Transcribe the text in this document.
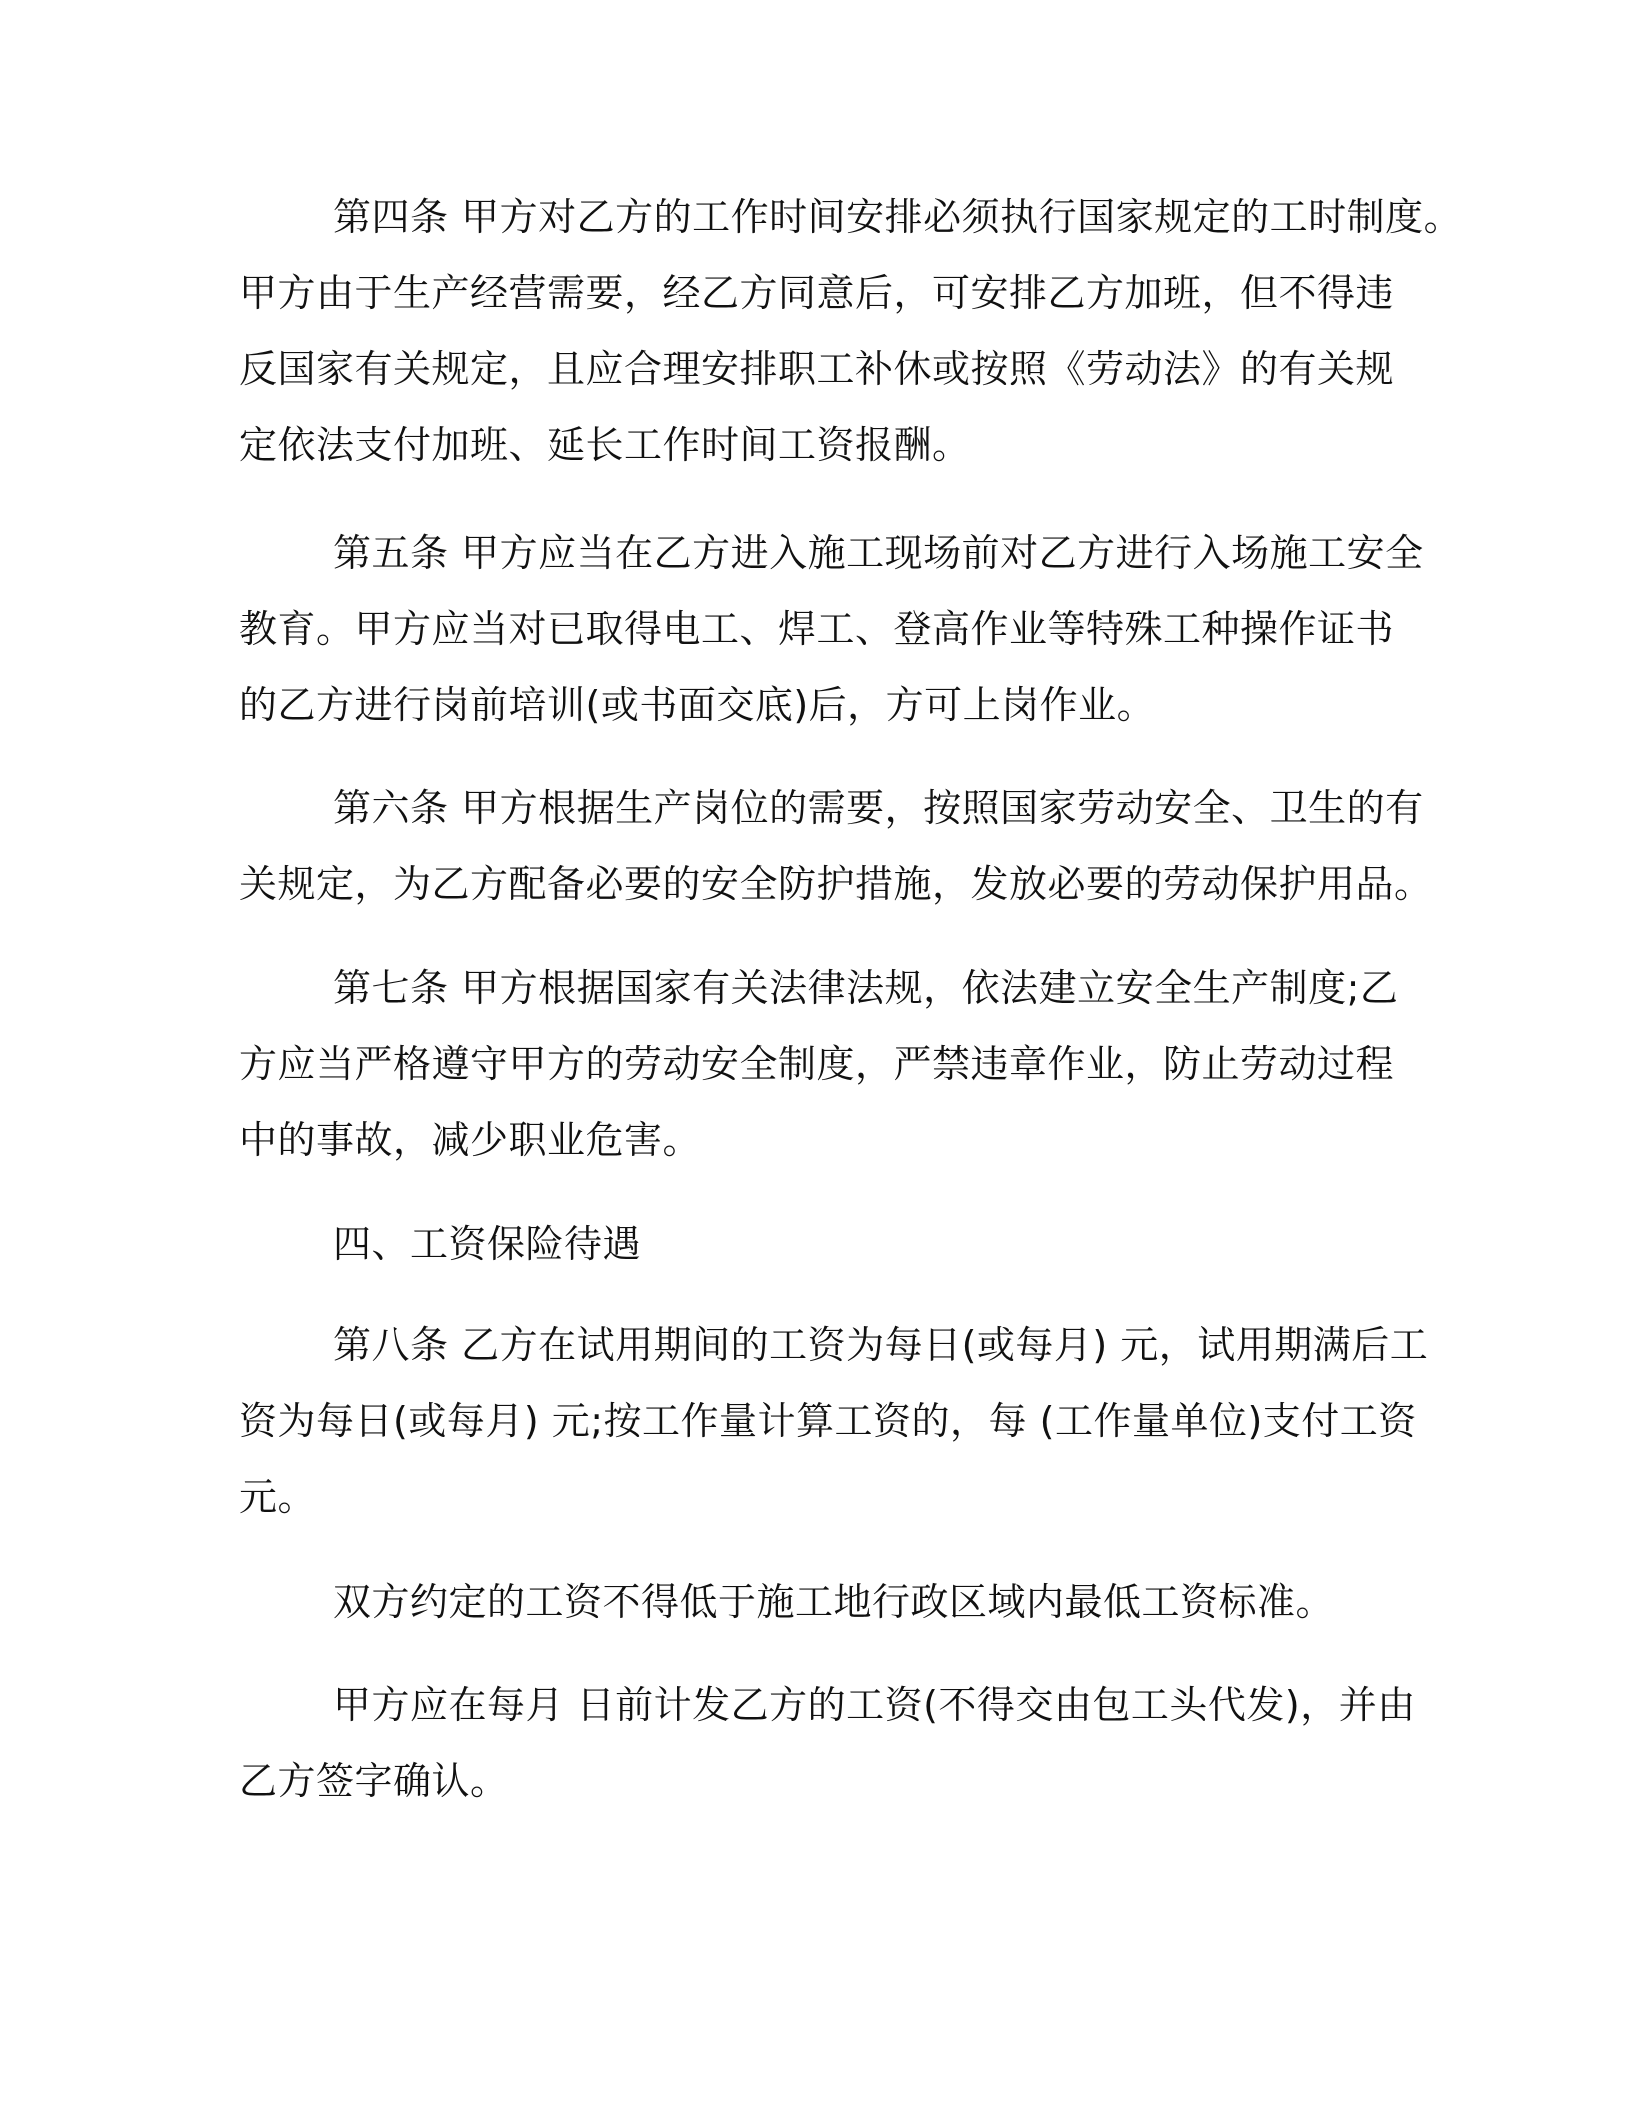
第四条 甲方对乙方的工作时间安排必须执行国家规定的工时制度。
甲方由于生产经营需要，经乙方同意后，可安排乙方加班，但不得违
反国家有关规定，且应合理安排职工补休或按照《劳动法》的有关规
定依法支付加班、延长工作时间工资报酬。
第五条 甲方应当在乙方进入施工现场前对乙方进行入场施工安全
教育。甲方应当对已取得电工、焊工、登高作业等特殊工种操作证书
的乙方进行岗前培训(或书面交底)后，方可上岗作业。
第六条 甲方根据生产岗位的需要，按照国家劳动安全、卫生的有
关规定，为乙方配备必要的安全防护措施，发放必要的劳动保护用品。
第七条 甲方根据国家有关法律法规，依法建立安全生产制度;乙
方应当严格遵守甲方的劳动安全制度，严禁违章作业，防止劳动过程
中的事故，减少职业危害。
四、工资保险待遇
第八条 乙方在试用期间的工资为每日(或每月) 元，试用期满后工
资为每日(或每月) 元;按工作量计算工资的，每 (工作量单位)支付工资
元。
双方约定的工资不得低于施工地行政区域内最低工资标准。
甲方应在每月 日前计发乙方的工资(不得交由包工头代发)，并由
乙方签字确认。
